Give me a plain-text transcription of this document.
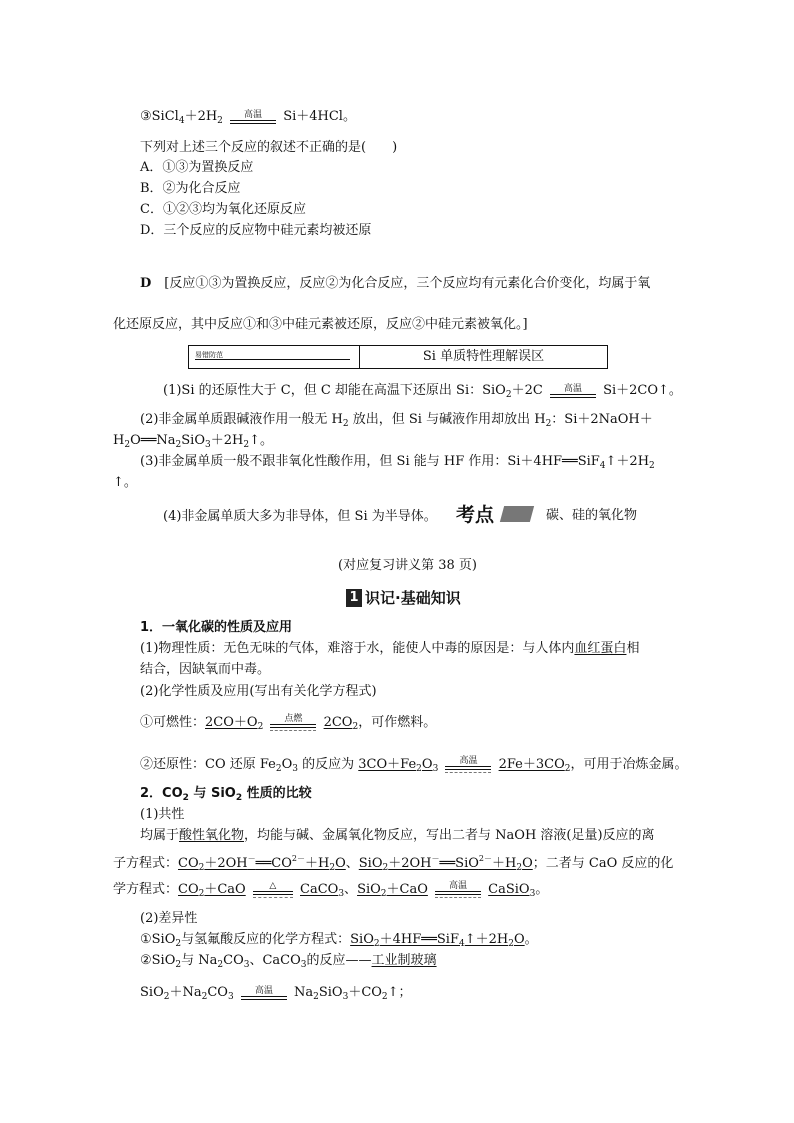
$③SiCl_4+2H_2$
高温	Si＋4HCl。
下列对上述三个反应的叙述不正确的是(　　)
A．①③为置换反应
B．②为化合反应
C．①②③均为氧化还原反应
D．三个反应的反应物中硅元素均被还原
D　 [反应①③为置换反应，反应②为化合反应，三个反应均有元素化合价变化，均属于氧
化还原反应，其中反应①和③中硅元素被还原，反应②中硅元素被氧化。]
易错防范	Si 单质特性理解误区
(1)Si 的还原性大于 C，但 C 却能在高温下还原出 Si：SiO$_2$＋2C	高温	Si＋2CO↑。
(2)非金属单质跟碱液作用一般无 $H_2$ 放出，但 Si 与碱液作用却放出 $H_2$：Si＋2NaOH＋
$H_2O══Na_2SiO_3+2H_2↑$。
(3)非金属单质一般不跟非氧化性酸作用，但 Si 能与 HF 作用：$Si+4HF══SiF_4↑+2H_2$
↑。
(4)非金属单质大多为非导体，但 Si 为半导体。 考点	碳、硅的氧化物
(对应复习讲义第 38 页)
1 识记·基础知识
1．一氧化碳的性质及应用
(1)物理性质：无色无味的气体，难溶于水，能使人中毒的原因是：与人体内血红蛋白相
结合，因缺氧而中毒。
(2)化学性质及应用(写出有关化学方程式)
①可燃性：$2CO+O_2$
点燃	$2CO_2$，可作燃料。
②还原性：CO 还原 $Fe_2O_3$ 的反应为 $3CO+Fe_2O_3$
高温	$2Fe+3CO_2$，可用于冶炼金属。
2．$CO_2$ 与 SiO$_2$ 性质的比较
(1)共性
均属于酸性氧化物，均能与碱、金属氧化物反应，写出二者与 NaOH 溶液(足量)反应的离
子方程式：$CO_2+2OH^-══CO^{2-}+H_2O$、$SiO_2+2OH^-══SiO^{2-}+H_2O$；二者与 CaO 反应的化
学方程式：$CO_2+CaO$	△	CaCO$_3$、SiO$_2$＋CaO	高温	CaSiO$_3$。
(2)差异性
①SiO$_2$与氢氟酸反应的化学方程式：$SiO_2+4HF══SiF_4↑+2H_2O$。
②SiO$_2$与 $Na_2CO_3$、CaCO$_3$的反应——工业制玻璃
$SiO_2+Na_2CO_3$
高温	$Na_2SiO_3+CO_2↑$；
